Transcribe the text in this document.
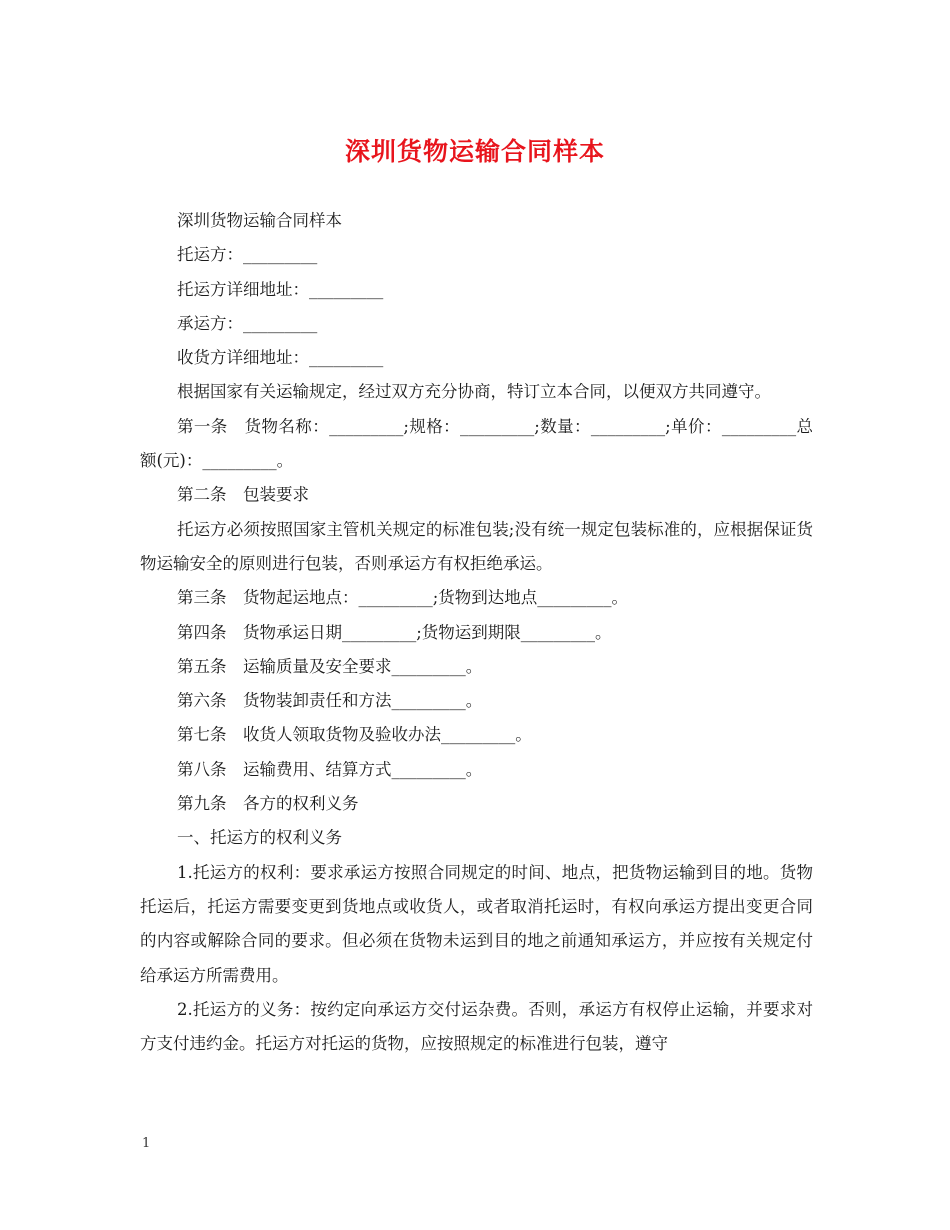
深圳货物运输合同样本

深圳货物运输合同样本

托运方：_________

托运方详细地址：_________

承运方：_________

收货方详细地址：_________

根据国家有关运输规定，经过双方充分协商，特订立本合同，以便双方共同遵守。

第一条　货物名称：_________;规格：_________;数量：_________;单价：_________总额(元)：_________。

第二条　包装要求

托运方必须按照国家主管机关规定的标准包装;没有统一规定包装标准的，应根据保证货物运输安全的原则进行包装，否则承运方有权拒绝承运。

第三条　货物起运地点：_________;货物到达地点_________。

第四条　货物承运日期_________;货物运到期限_________。

第五条　运输质量及安全要求_________。

第六条　货物装卸责任和方法_________。

第七条　收货人领取货物及验收办法_________。

第八条　运输费用、结算方式_________。

第九条　各方的权利义务

一、托运方的权利义务

1.托运方的权利：要求承运方按照合同规定的时间、地点，把货物运输到目的地。货物托运后，托运方需要变更到货地点或收货人，或者取消托运时，有权向承运方提出变更合同的内容或解除合同的要求。但必须在货物未运到目的地之前通知承运方，并应按有关规定付给承运方所需费用。

2.托运方的义务：按约定向承运方交付运杂费。否则，承运方有权停止运输，并要求对方支付违约金。托运方对托运的货物，应按照规定的标准进行包装，遵守

1
